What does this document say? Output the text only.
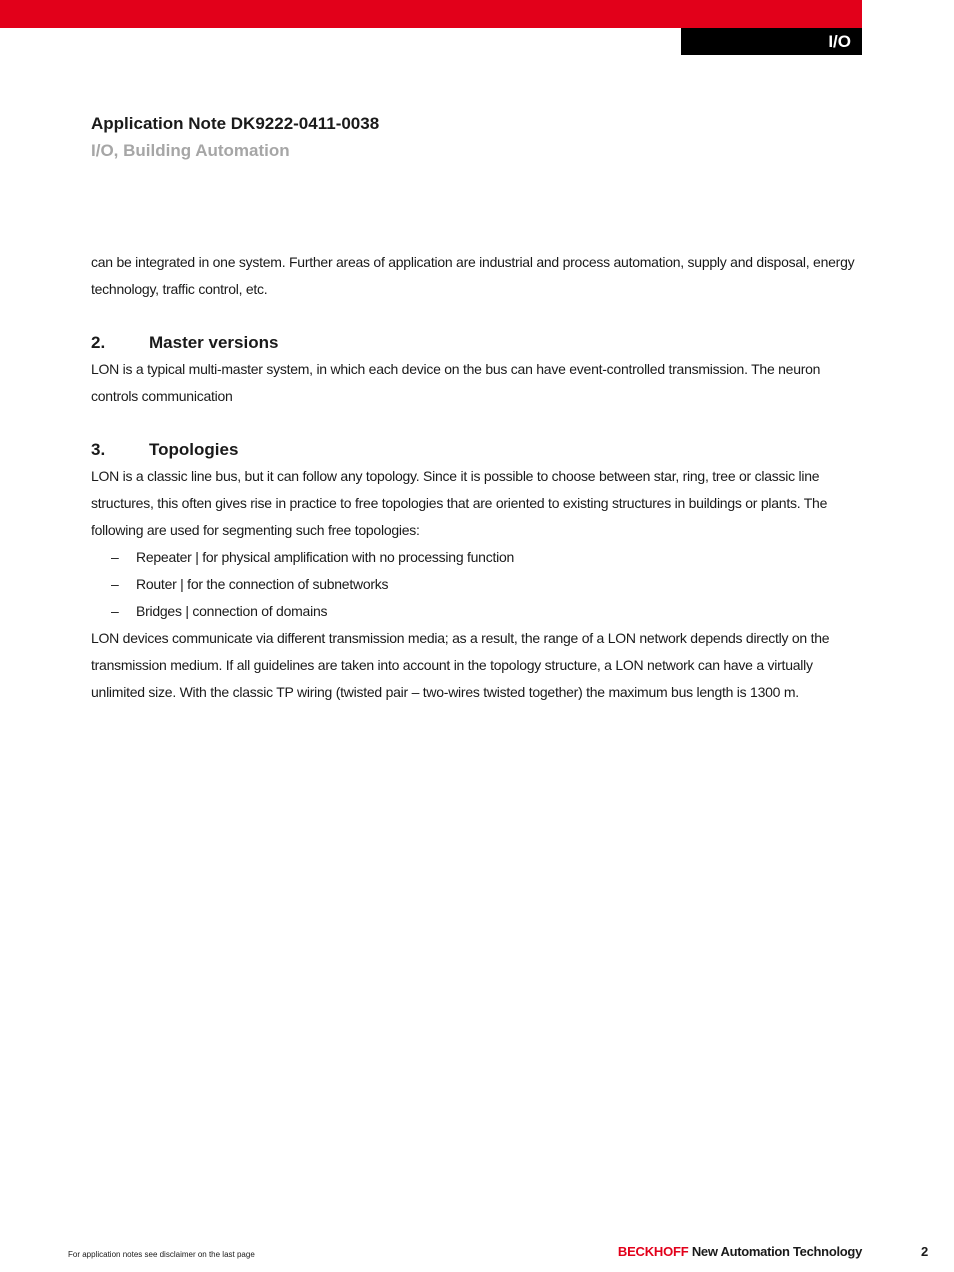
I/O
Application Note DK9222-0411-0038
I/O, Building Automation

can be integrated in one system. Further areas of application are industrial and process automation, supply and disposal, energy technology, traffic control, etc.

2.	Master versions

LON is a typical multi-master system, in which each device on the bus can have event-controlled transmission. The neuron controls communication

3.	Topologies

LON is a classic line bus, but it can follow any topology. Since it is possible to choose between star, ring, tree or classic line structures, this often gives rise in practice to free topologies that are oriented to existing structures in buildings or plants. The following are used for segmenting such free topologies:

–	Repeater | for physical amplification with no processing function
–	Router | for the connection of subnetworks
–	Bridges | connection of domains

LON devices communicate via different transmission media; as a result, the range of a LON network depends directly on the transmission medium. If all guidelines are taken into account in the topology structure, a LON network can have a virtually unlimited size. With the classic TP wiring (twisted pair – two-wires twisted together) the maximum bus length is 1300 m.

For application notes see disclaimer on the last page	BECKHOFF New Automation Technology	2
